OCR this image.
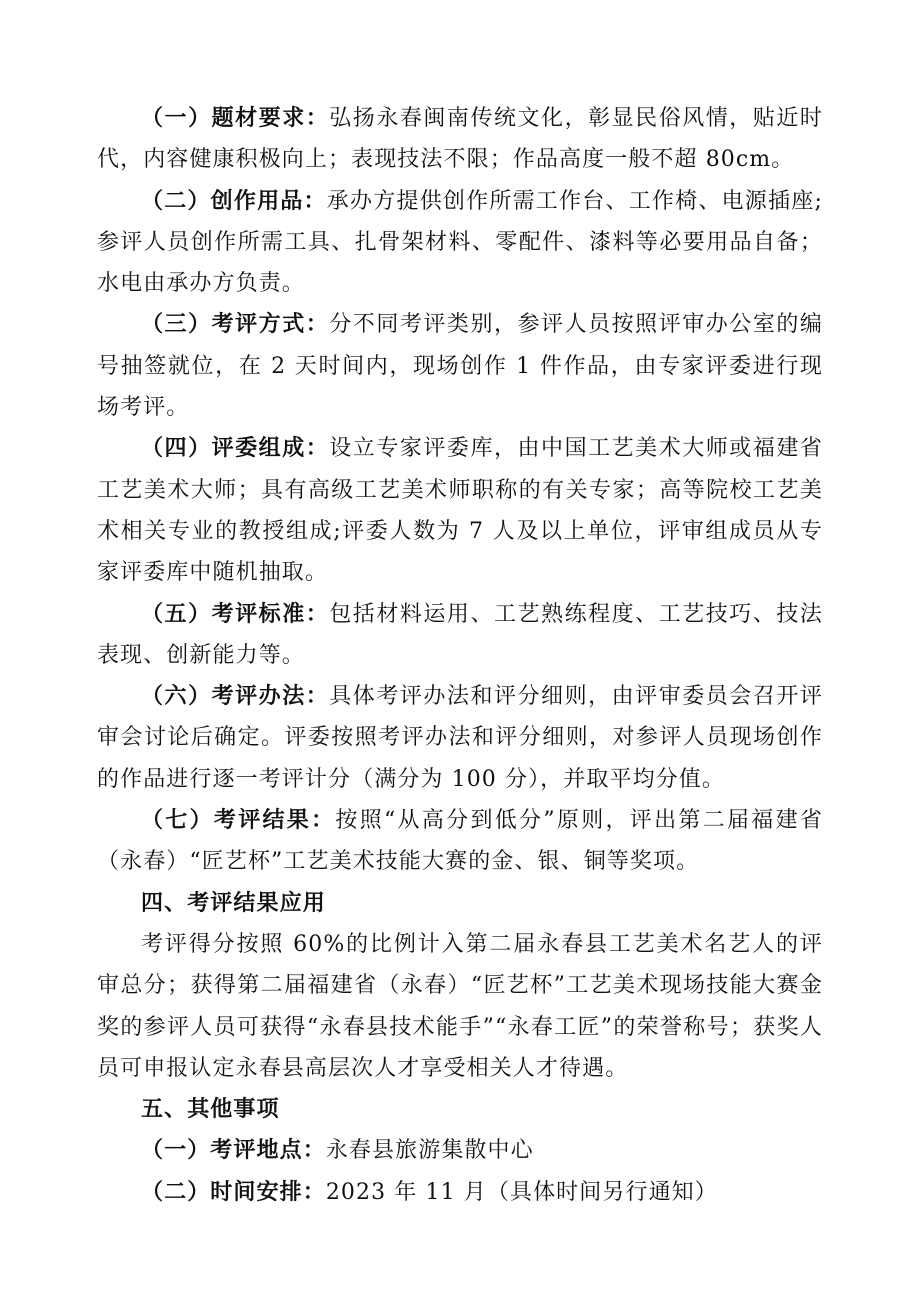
（一）题材要求：弘扬永春闽南传统文化，彰显民俗风情，贴近时代，内容健康积极向上；表现技法不限；作品高度一般不超 80cm。

（二）创作用品：承办方提供创作所需工作台、工作椅、电源插座;参评人员创作所需工具、扎骨架材料、零配件、漆料等必要用品自备；水电由承办方负责。

（三）考评方式：分不同考评类别，参评人员按照评审办公室的编号抽签就位，在 2 天时间内，现场创作 1 件作品，由专家评委进行现场考评。

（四）评委组成：设立专家评委库，由中国工艺美术大师或福建省工艺美术大师；具有高级工艺美术师职称的有关专家；高等院校工艺美术相关专业的教授组成;评委人数为 7 人及以上单位，评审组成员从专家评委库中随机抽取。

（五）考评标准：包括材料运用、工艺熟练程度、工艺技巧、技法表现、创新能力等。

（六）考评办法：具体考评办法和评分细则，由评审委员会召开评审会讨论后确定。评委按照考评办法和评分细则，对参评人员现场创作的作品进行逐一考评计分（满分为 100 分），并取平均分值。

（七）考评结果：按照“从高分到低分”原则，评出第二届福建省（永春）“匠艺杯”工艺美术技能大赛的金、银、铜等奖项。

四、考评结果应用

考评得分按照 60%的比例计入第二届永春县工艺美术名艺人的评审总分；获得第二届福建省（永春）“匠艺杯”工艺美术现场技能大赛金奖的参评人员可获得“永春县技术能手”“永春工匠”的荣誉称号；获奖人员可申报认定永春县高层次人才享受相关人才待遇。

五、其他事项

（一）考评地点：永春县旅游集散中心

（二）时间安排：2023 年 11 月（具体时间另行通知）
